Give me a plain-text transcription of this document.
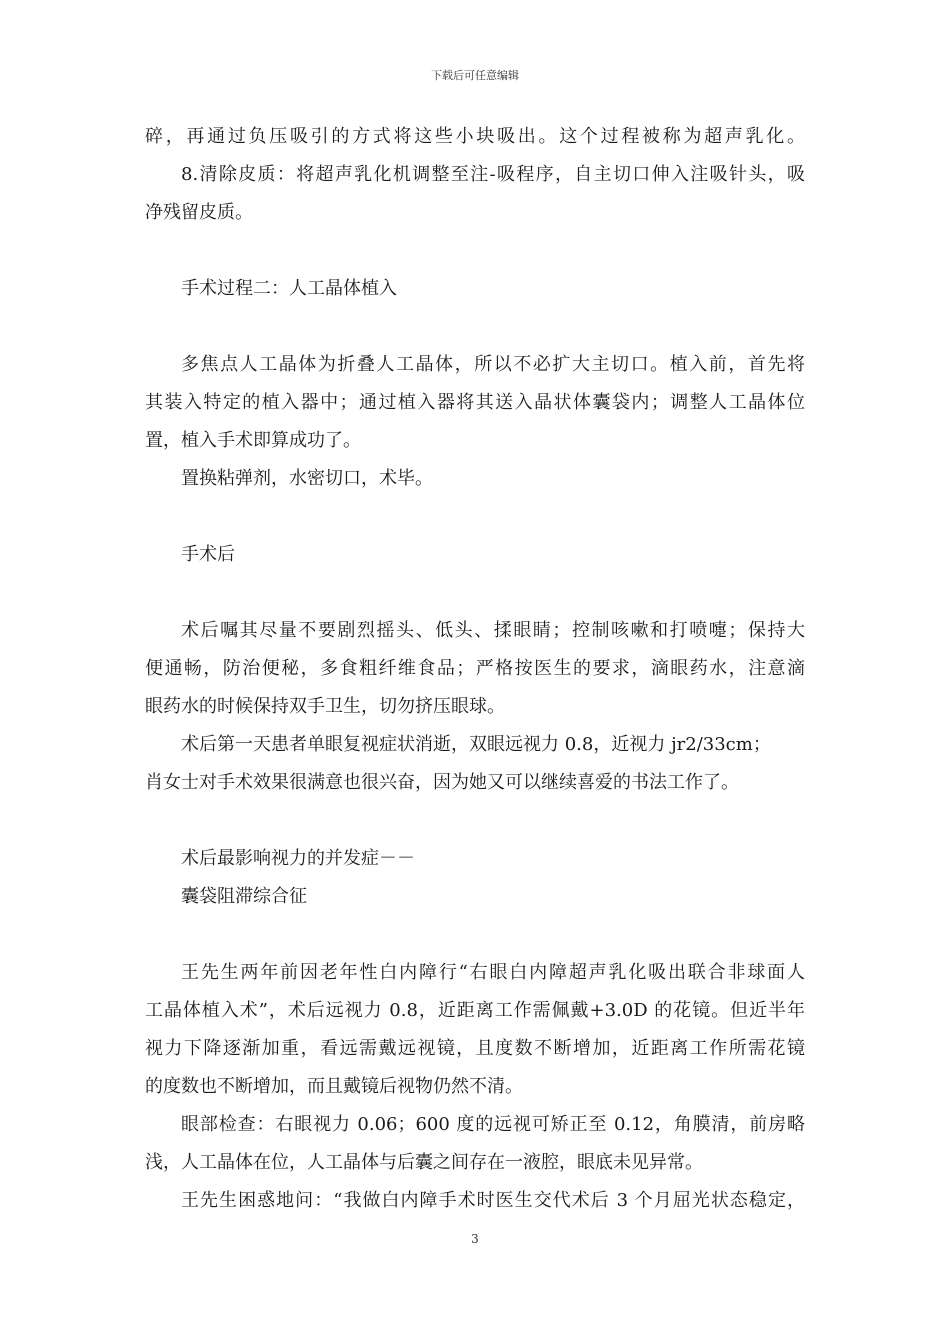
下载后可任意编辑
碎，再通过负压吸引的方式将这些小块吸出。这个过程被称为超声乳化。
8.清除皮质：将超声乳化机调整至注-吸程序，自主切口伸入注吸针头，吸
净残留皮质。
手术过程二：人工晶体植入
多焦点人工晶体为折叠人工晶体，所以不必扩大主切口。植入前，首先将
其装入特定的植入器中；通过植入器将其送入晶状体囊袋内；调整人工晶体位
置，植入手术即算成功了。
置换粘弹剂，水密切口，术毕。
手术后
术后嘱其尽量不要剧烈摇头、低头、揉眼睛；控制咳嗽和打喷嚏；保持大
便通畅，防治便秘，多食粗纤维食品；严格按医生的要求，滴眼药水，注意滴
眼药水的时候保持双手卫生，切勿挤压眼球。
术后第一天患者单眼复视症状消逝，双眼远视力 0.8，近视力 jr2/33cm；
肖女士对手术效果很满意也很兴奋，因为她又可以继续喜爱的书法工作了。
术后最影响视力的并发症－－
囊袋阻滞综合征
王先生两年前因老年性白内障行“右眼白内障超声乳化吸出联合非球面人
工晶体植入术”，术后远视力 0.8，近距离工作需佩戴+3.0D 的花镜。但近半年
视力下降逐渐加重，看远需戴远视镜，且度数不断增加，近距离工作所需花镜
的度数也不断增加，而且戴镜后视物仍然不清。
眼部检查：右眼视力 0.06；600 度的远视可矫正至 0.12，角膜清，前房略
浅，人工晶体在位，人工晶体与后囊之间存在一液腔，眼底未见异常。
王先生困惑地问：“我做白内障手术时医生交代术后 3 个月屈光状态稳定，
3
